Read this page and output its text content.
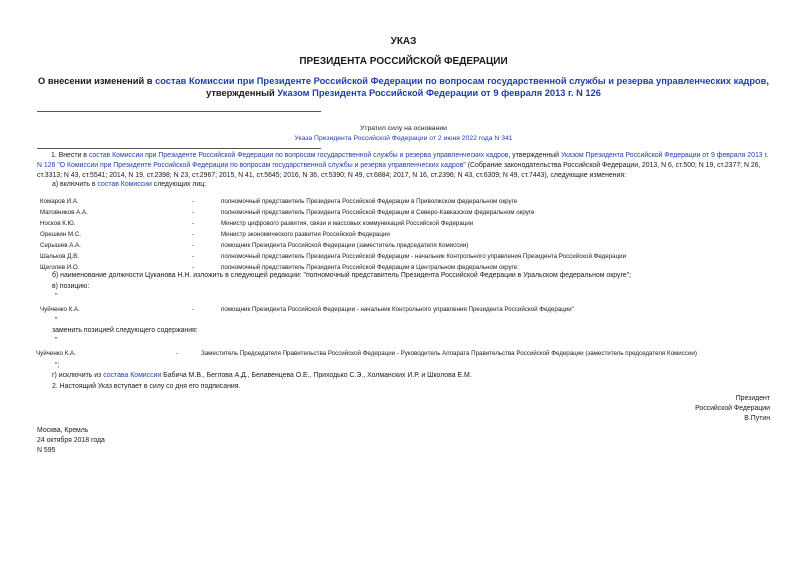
УКАЗ
ПРЕЗИДЕНТА РОССИЙСКОЙ ФЕДЕРАЦИИ
О внесении изменений в состав Комиссии при Президенте Российской Федерации по вопросам государственной службы и резерва управленческих кадров,
утвержденный Указом Президента Российской Федерации от 9 февраля 2013 г. N 126
Утратил силу на основании
Указа Президента Российской Федерации от 2 июня 2022 года N 341
1. Внести в состав Комиссии при Президенте Российской Федерации по вопросам государственной службы и резерва управленческих кадров, утвержденный Указом Президента Российской Федерации от 9 февраля 2013 г. N 126 "О Комиссии при Президенте Российской Федерации по вопросам государственной службы и резерва управленческих кадров" (Собрание законодательства Российской Федерации, 2013, N 6, ст.500; N 19, ст.2377; N 26, ст.3313; N 43, ст.5541; 2014, N 19, ст.2398; N 23, ст.2967; 2015, N 41, ст.5645; 2016, N 36, ст.5390; N 49, ст.6884; 2017, N 16, ст.2396; N 43, ст.6309; N 49, ст.7443), следующие изменения:
а) включить в состав Комиссии следующих лиц:
Комаров И.А.	-	полномочный представитель Президента Российской Федерации в Приволжском федеральном округе
Матовников А.А.	-	полномочный представитель Президента Российской Федерации в Северо-Кавказском федеральном округе
Носков К.Ю.	-	Министр цифрового развития, связи и массовых коммуникаций Российской Федерации
Орешкин М.С.	-	Министр экономического развития Российской Федерации
Серышев А.А.	-	помощник Президента Российской Федерации (заместитель председателя Комиссии)
Шальков Д.В.	-	полномочный представитель Президента Российской Федерации - начальник Контрольного управления Президента Российской Федерации
Щеголев И.О.	-	полномочный представитель Президента Российской Федерации в Центральном федеральном округе;
б) наименование должности Цуканова Н.Н. изложить в следующей редакции: "полномочный представитель Президента Российской Федерации в Уральском федеральном округе";
в) позицию:
"
Чуйченко К.А.	-	помощник Президента Российской Федерации - начальник Контрольного управления Президента Российской Федерации"
"
заменить позицией следующего содержания:
"
Чуйченко К.А.	-	Заместитель Председателя Правительства Российской Федерации - Руководитель Аппарата Правительства Российской Федерации (заместитель председателя Комиссии)
";
г) исключить из состава Комиссии Бабича М.В., Беглова А.Д., Белавенцева О.Е., Приходько С.Э., Холманских И.Р. и Школова Е.М.
2. Настоящий Указ вступает в силу со дня его подписания.
Президент
Российской Федерации
В.Путин
Москва, Кремль
24 октября 2018 года
N 595
